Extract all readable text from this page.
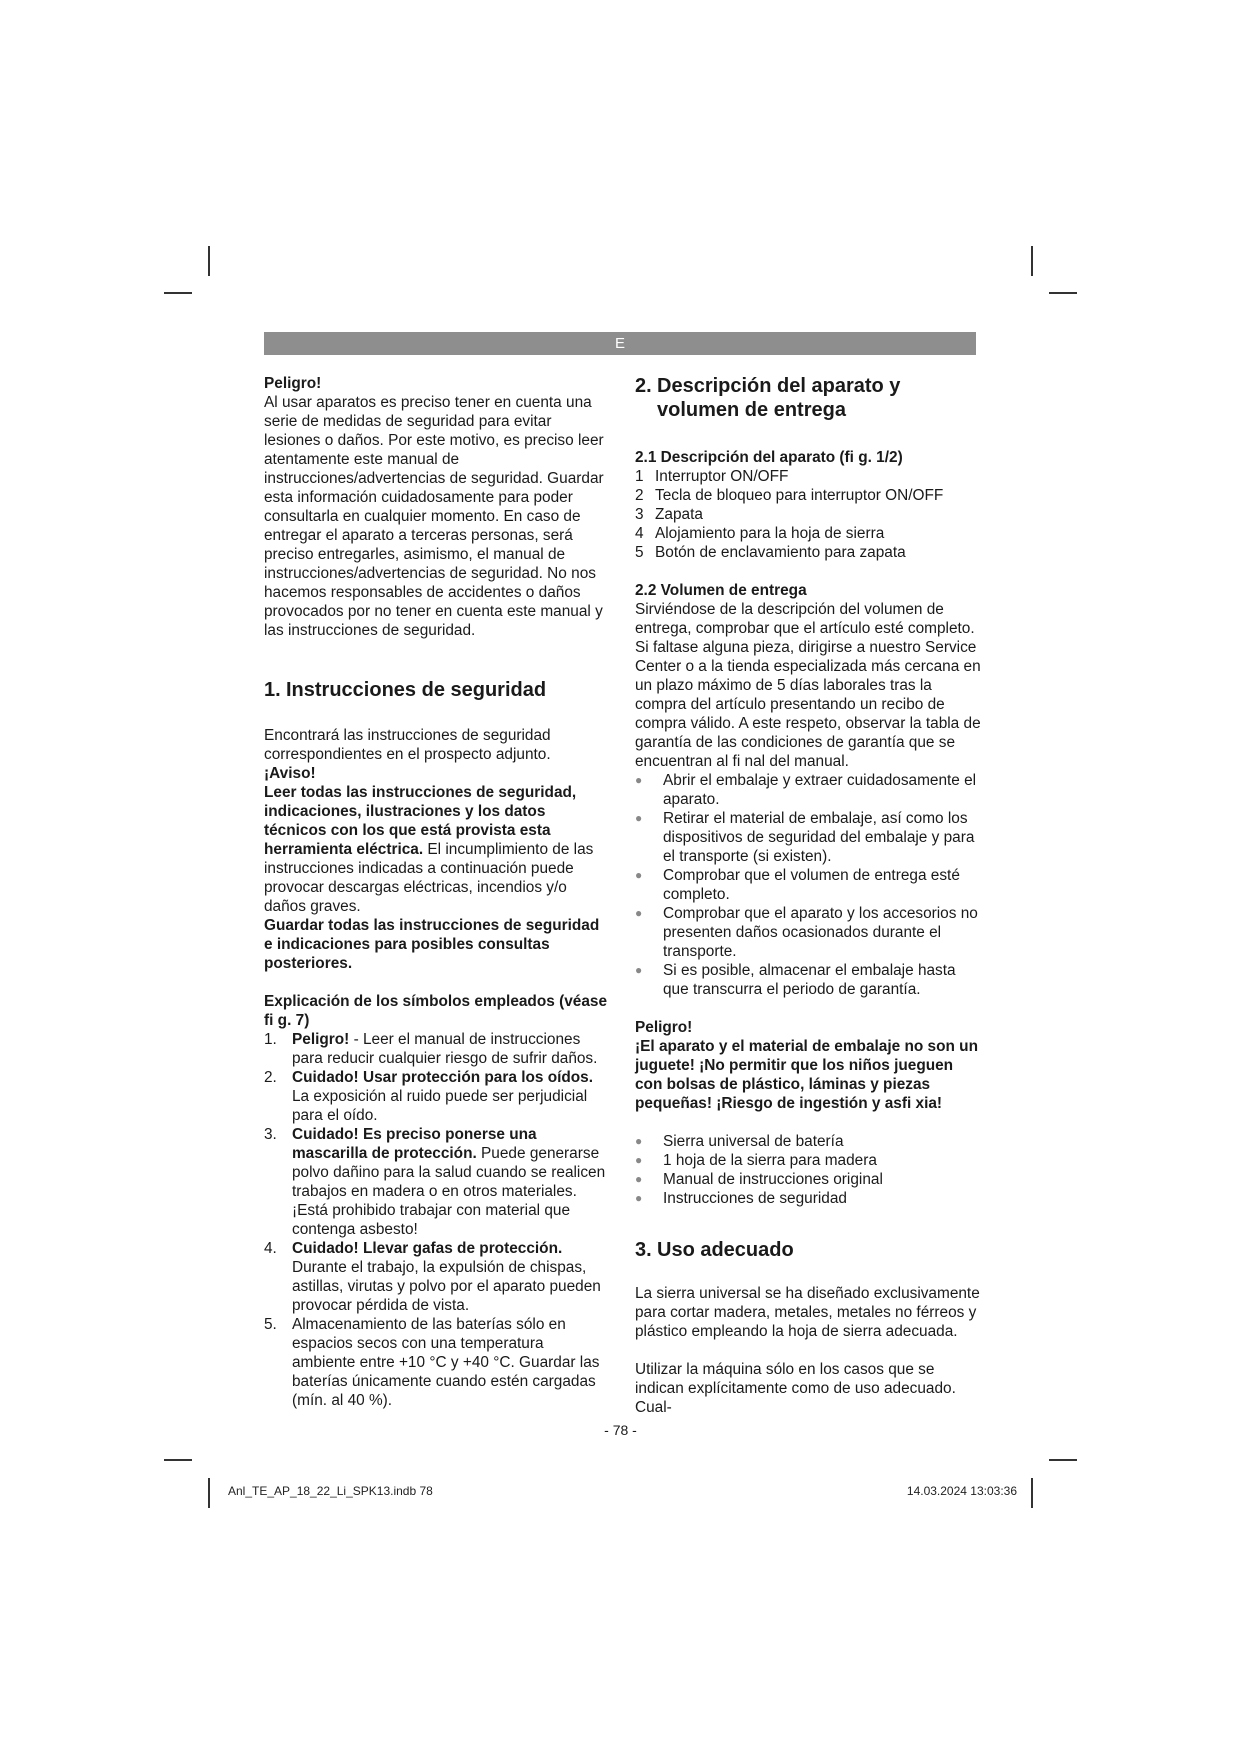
E

Peligro!

Al usar aparatos es preciso tener en cuenta una serie de medidas de seguridad para evitar lesiones o daños. Por este motivo, es preciso leer atentamente este manual de instrucciones/advertencias de seguridad. Guardar esta información cuidadosamente para poder consultarla en cualquier momento. En caso de entregar el aparato a terceras personas, será preciso entregarles, asimismo, el manual de instrucciones/advertencias de seguridad. No nos hacemos responsables de accidentes o daños provocados por no tener en cuenta este manual y las instrucciones de seguridad.

1. Instrucciones de seguridad

Encontrará las instrucciones de seguridad correspondientes en el prospecto adjunto.

¡Aviso!

Leer todas las instrucciones de seguridad, indicaciones, ilustraciones y los datos técnicos con los que está provista esta herramienta eléctrica. El incumplimiento de las instrucciones indicadas a continuación puede provocar descargas eléctricas, incendios y/o daños graves.

Guardar todas las instrucciones de seguridad e indicaciones para posibles consultas posteriores.

Explicación de los símbolos empleados (véase fi g. 7)

1. Peligro! - Leer el manual de instrucciones para reducir cualquier riesgo de sufrir daños.
2. Cuidado! Usar protección para los oídos. La exposición al ruido puede ser perjudicial para el oído.
3. Cuidado! Es preciso ponerse una mascarilla de protección. Puede generarse polvo dañino para la salud cuando se realicen trabajos en madera o en otros materiales. ¡Está prohibido trabajar con material que contenga asbesto!
4. Cuidado! Llevar gafas de protección. Durante el trabajo, la expulsión de chispas, astillas, virutas y polvo por el aparato pueden provocar pérdida de vista.
5. Almacenamiento de las baterías sólo en espacios secos con una temperatura ambiente entre +10 °C y +40 °C. Guardar las baterías únicamente cuando estén cargadas (mín. al 40 %).

2. Descripción del aparato y
volumen de entrega

2.1 Descripción del aparato (fi g. 1/2)

1 Interruptor ON/OFF
2 Tecla de bloqueo para interruptor ON/OFF
3 Zapata
4 Alojamiento para la hoja de sierra
5 Botón de enclavamiento para zapata

2.2 Volumen de entrega

Sirviéndose de la descripción del volumen de entrega, comprobar que el artículo esté completo. Si faltase alguna pieza, dirigirse a nuestro Service Center o a la tienda especializada más cercana en un plazo máximo de 5 días laborales tras la compra del artículo presentando un recibo de compra válido. A este respeto, observar la tabla de garantía de las condiciones de garantía que se encuentran al fi nal del manual.

● Abrir el embalaje y extraer cuidadosamente el aparato.
● Retirar el material de embalaje, así como los dispositivos de seguridad del embalaje y para el transporte (si existen).
● Comprobar que el volumen de entrega esté completo.
● Comprobar que el aparato y los accesorios no presenten daños ocasionados durante el transporte.
● Si es posible, almacenar el embalaje hasta que transcurra el periodo de garantía.

Peligro!

¡El aparato y el material de embalaje no son un juguete! ¡No permitir que los niños jueguen con bolsas de plástico, láminas y piezas pequeñas! ¡Riesgo de ingestión y asfi xia!

● Sierra universal de batería
● 1 hoja de la sierra para madera
● Manual de instrucciones original
● Instrucciones de seguridad

3. Uso adecuado

La sierra universal se ha diseñado exclusivamente para cortar madera, metales, metales no férreos y plástico empleando la hoja de sierra adecuada.

Utilizar la máquina sólo en los casos que se indican explícitamente como de uso adecuado. Cual-

- 78 -
Anl_TE_AP_18_22_Li_SPK13.indb 78	14.03.2024 13:03:36
